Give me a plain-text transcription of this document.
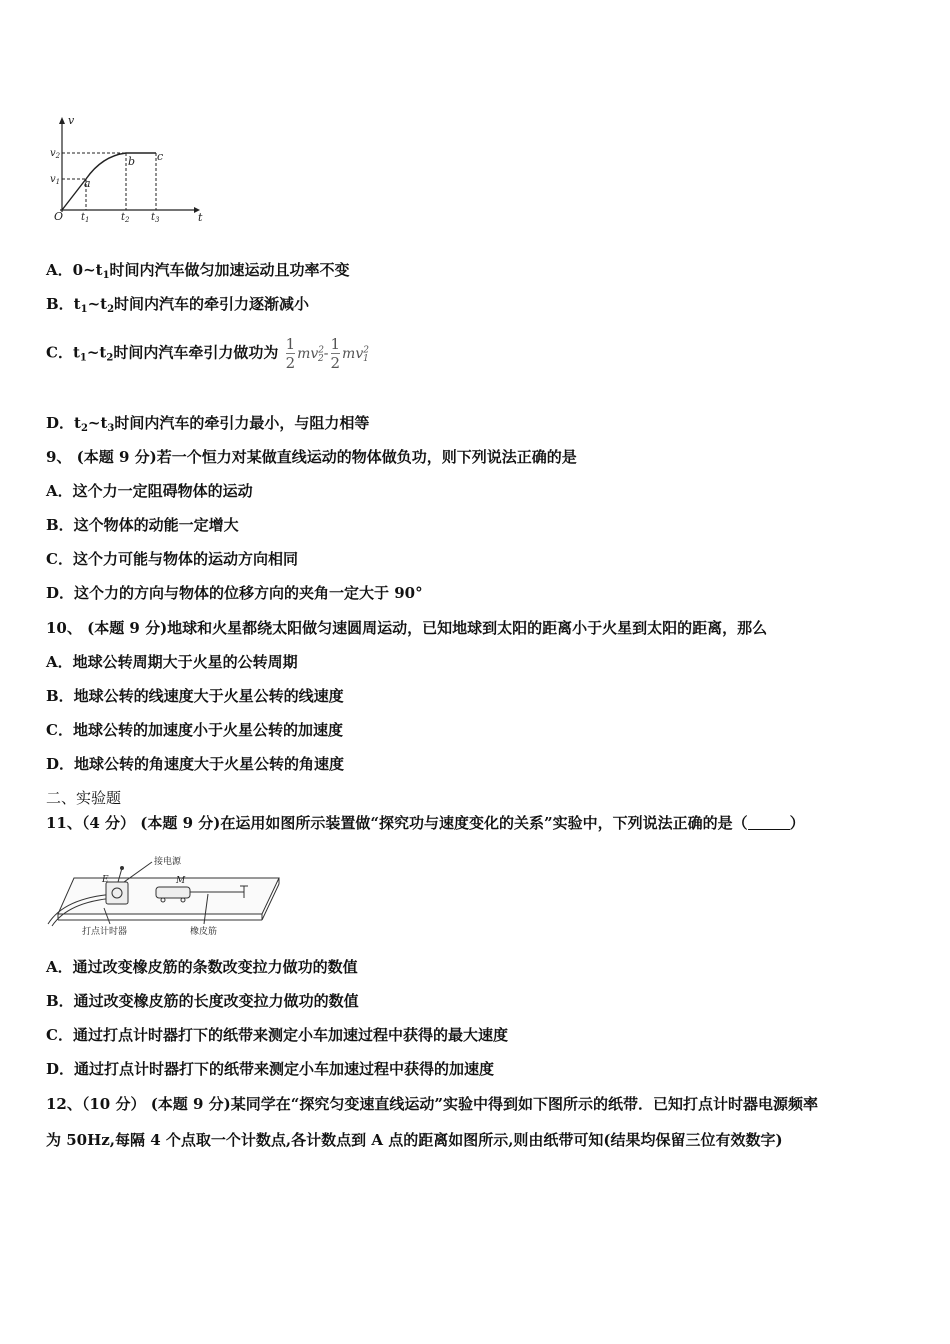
v
t
O
$v_2$
$v_1$
$t_1$	$t_2$ $t_3$
a
b c
A．$0\sim t_1$时间内汽车做匀加速运动且功率不变
B．$t_1\sim t_2$时间内汽车的牵引力逐渐减小
C．$t_1\sim t_2$时间内汽车牵引力做功为 $\frac{1}{2} mv^2_2- \frac{1}{2} mv^2_1$
D．$t_2\sim t_3$时间内汽车的牵引力最小，与阻力相等
9、 (本题 9 分)若一个恒力对某做直线运动的物体做负功，则下列说法正确的是
A．这个力一定阻碍物体的运动
B．这个物体的动能一定增大
C．这个力可能与物体的运动方向相同
D．这个力的方向与物体的位移方向的夹角一定大于 90°
10、 (本题 9 分)地球和火星都绕太阳做匀速圆周运动，已知地球到太阳的距离小于火星到太阳的距离，那么
A．地球公转周期大于火星的公转周期
B．地球公转的线速度大于火星公转的线速度
C．地球公转的加速度小于火星公转的加速度
D．地球公转的角速度大于火星公转的角速度
二、实验题
11、（4 分） (本题 9 分)在运用如图所示装置做“探究功与速度变化的关系”实验中，下列说法正确的是（	）
接电源
E	M
打点计时器	橡皮筋
A．通过改变橡皮筋的条数改变拉力做功的数值
B．通过改变橡皮筋的长度改变拉力做功的数值
C．通过打点计时器打下的纸带来测定小车加速过程中获得的最大速度
D．通过打点计时器打下的纸带来测定小车加速过程中获得的加速度
12、（10 分） (本题 9 分)某同学在“探究匀变速直线运动”实验中得到如下图所示的纸带．已知打点计时器电源频率
为 50Hz,每隔 4 个点取一个计数点,各计数点到 A 点的距离如图所示,则由纸带可知(结果均保留三位有效数字)
